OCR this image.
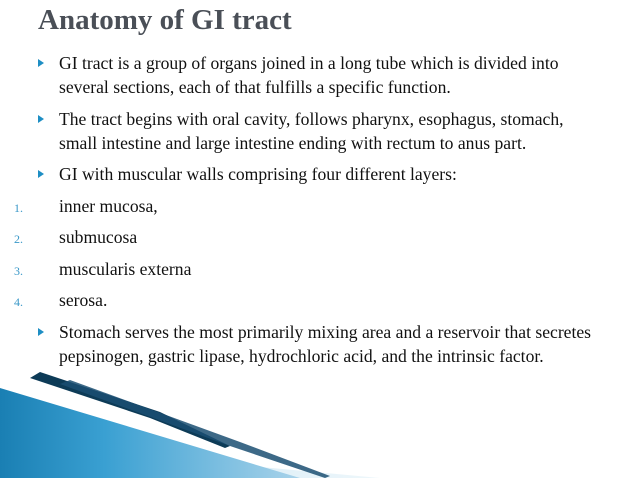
Anatomy of GI tract
GI tract is a group of organs joined in a long tube which is divided into several sections, each of that fulfills a specific function.
The tract begins with oral cavity, follows pharynx, esophagus, stomach, small intestine and large intestine ending with rectum to anus part.
GI with muscular walls comprising four different layers:
1. inner mucosa,
2. submucosa
3. muscularis externa
4. serosa.
Stomach serves the most primarily mixing area and a reservoir that secretes pepsinogen, gastric lipase, hydrochloric acid, and the intrinsic factor.
